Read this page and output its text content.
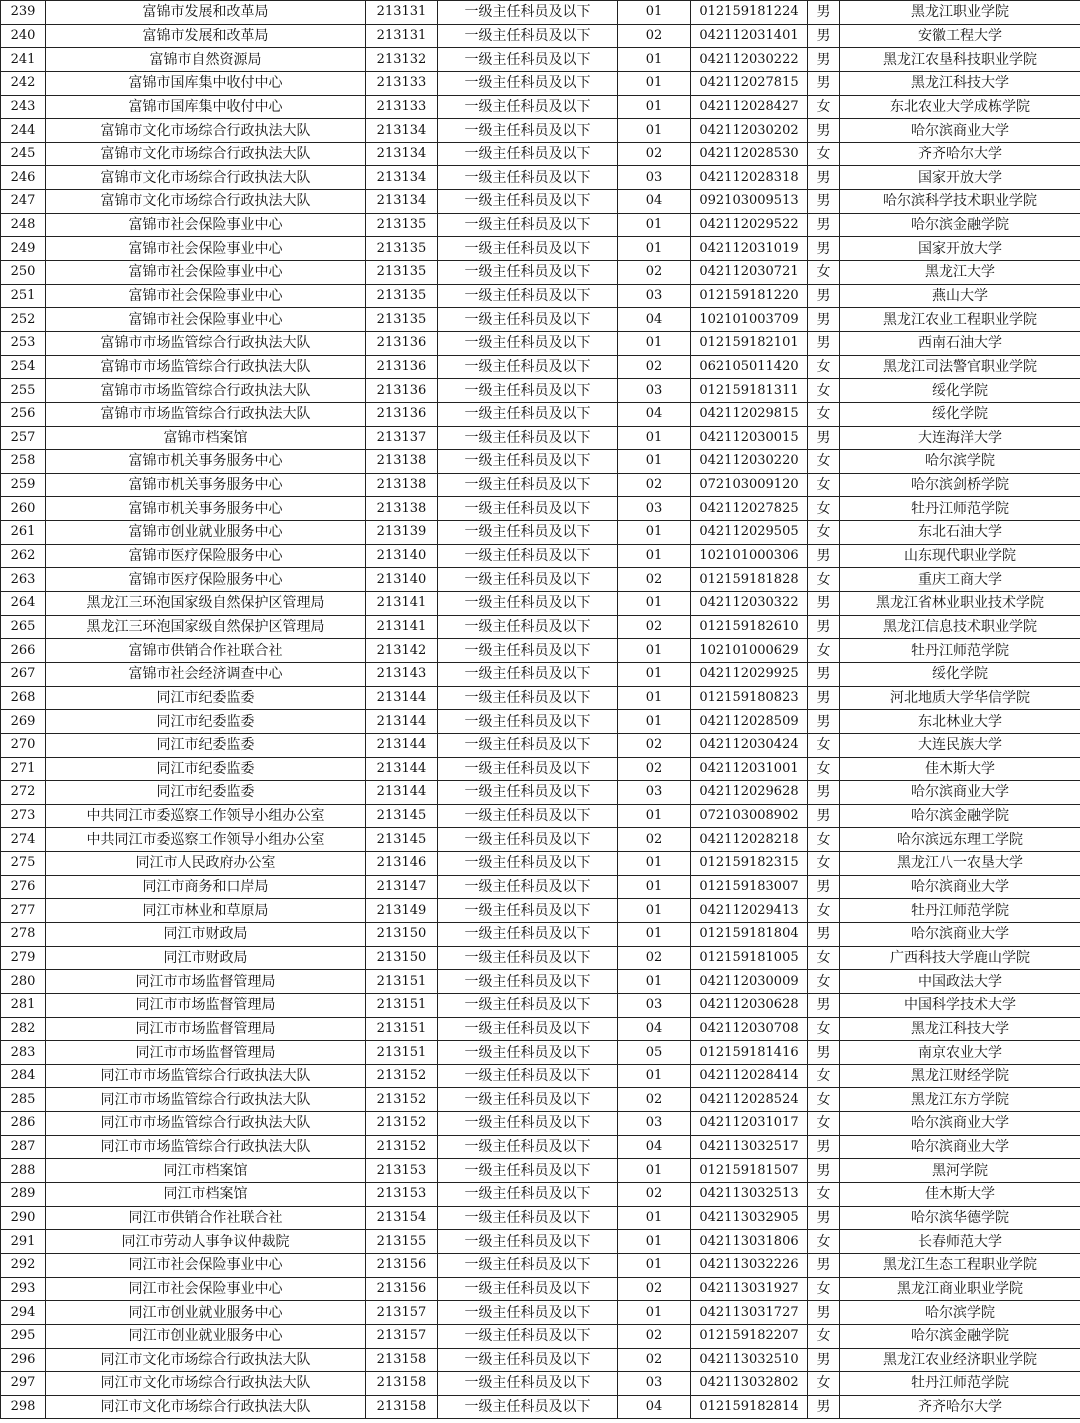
239	富锦市发展和改革局	213131	一级主任科员及以下	01	012159181224	男	黑龙江职业学院
240	富锦市发展和改革局	213131	一级主任科员及以下	02	042112031401	男	安徽工程大学
241	富锦市自然资源局	213132	一级主任科员及以下	01	042112030222	男	黑龙江农垦科技职业学院
242	富锦市国库集中收付中心	213133	一级主任科员及以下	01	042112027815	男	黑龙江科技大学
243	富锦市国库集中收付中心	213133	一级主任科员及以下	01	042112028427	女	东北农业大学成栋学院
244	富锦市文化市场综合行政执法大队	213134	一级主任科员及以下	01	042112030202	男	哈尔滨商业大学
245	富锦市文化市场综合行政执法大队	213134	一级主任科员及以下	02	042112028530	女	齐齐哈尔大学
246	富锦市文化市场综合行政执法大队	213134	一级主任科员及以下	03	042112028318	男	国家开放大学
247	富锦市文化市场综合行政执法大队	213134	一级主任科员及以下	04	092103009513	男	哈尔滨科学技术职业学院
248	富锦市社会保险事业中心	213135	一级主任科员及以下	01	042112029522	男	哈尔滨金融学院
249	富锦市社会保险事业中心	213135	一级主任科员及以下	01	042112031019	男	国家开放大学
250	富锦市社会保险事业中心	213135	一级主任科员及以下	02	042112030721	女	黑龙江大学
251	富锦市社会保险事业中心	213135	一级主任科员及以下	03	012159181220	男	燕山大学
252	富锦市社会保险事业中心	213135	一级主任科员及以下	04	102101003709	男	黑龙江农业工程职业学院
253	富锦市市场监管综合行政执法大队	213136	一级主任科员及以下	01	012159182101	男	西南石油大学
254	富锦市市场监管综合行政执法大队	213136	一级主任科员及以下	02	062105011420	女	黑龙江司法警官职业学院
255	富锦市市场监管综合行政执法大队	213136	一级主任科员及以下	03	012159181311	女	绥化学院
256	富锦市市场监管综合行政执法大队	213136	一级主任科员及以下	04	042112029815	女	绥化学院
257	富锦市档案馆	213137	一级主任科员及以下	01	042112030015	男	大连海洋大学
258	富锦市机关事务服务中心	213138	一级主任科员及以下	01	042112030220	女	哈尔滨学院
259	富锦市机关事务服务中心	213138	一级主任科员及以下	02	072103009120	女	哈尔滨剑桥学院
260	富锦市机关事务服务中心	213138	一级主任科员及以下	03	042112027825	女	牡丹江师范学院
261	富锦市创业就业服务中心	213139	一级主任科员及以下	01	042112029505	女	东北石油大学
262	富锦市医疗保险服务中心	213140	一级主任科员及以下	01	102101000306	男	山东现代职业学院
263	富锦市医疗保险服务中心	213140	一级主任科员及以下	02	012159181828	女	重庆工商大学
264	黑龙江三环泡国家级自然保护区管理局	213141	一级主任科员及以下	01	042112030322	男	黑龙江省林业职业技术学院
265	黑龙江三环泡国家级自然保护区管理局	213141	一级主任科员及以下	02	012159182610	男	黑龙江信息技术职业学院
266	富锦市供销合作社联合社	213142	一级主任科员及以下	01	102101000629	女	牡丹江师范学院
267	富锦市社会经济调查中心	213143	一级主任科员及以下	01	042112029925	男	绥化学院
268	同江市纪委监委	213144	一级主任科员及以下	01	012159180823	男	河北地质大学华信学院
269	同江市纪委监委	213144	一级主任科员及以下	01	042112028509	男	东北林业大学
270	同江市纪委监委	213144	一级主任科员及以下	02	042112030424	女	大连民族大学
271	同江市纪委监委	213144	一级主任科员及以下	02	042112031001	女	佳木斯大学
272	同江市纪委监委	213144	一级主任科员及以下	03	042112029628	男	哈尔滨商业大学
273	中共同江市委巡察工作领导小组办公室	213145	一级主任科员及以下	01	072103008902	男	哈尔滨金融学院
274	中共同江市委巡察工作领导小组办公室	213145	一级主任科员及以下	02	042112028218	女	哈尔滨远东理工学院
275	同江市人民政府办公室	213146	一级主任科员及以下	01	012159182315	女	黑龙江八一农垦大学
276	同江市商务和口岸局	213147	一级主任科员及以下	01	012159183007	男	哈尔滨商业大学
277	同江市林业和草原局	213149	一级主任科员及以下	01	042112029413	女	牡丹江师范学院
278	同江市财政局	213150	一级主任科员及以下	01	012159181804	男	哈尔滨商业大学
279	同江市财政局	213150	一级主任科员及以下	02	012159181005	女	广西科技大学鹿山学院
280	同江市市场监督管理局	213151	一级主任科员及以下	01	042112030009	女	中国政法大学
281	同江市市场监督管理局	213151	一级主任科员及以下	03	042112030628	男	中国科学技术大学
282	同江市市场监督管理局	213151	一级主任科员及以下	04	042112030708	女	黑龙江科技大学
283	同江市市场监督管理局	213151	一级主任科员及以下	05	012159181416	男	南京农业大学
284	同江市市场监管综合行政执法大队	213152	一级主任科员及以下	01	042112028414	女	黑龙江财经学院
285	同江市市场监管综合行政执法大队	213152	一级主任科员及以下	02	042112028524	女	黑龙江东方学院
286	同江市市场监管综合行政执法大队	213152	一级主任科员及以下	03	042112031017	女	哈尔滨商业大学
287	同江市市场监管综合行政执法大队	213152	一级主任科员及以下	04	042113032517	男	哈尔滨商业大学
288	同江市档案馆	213153	一级主任科员及以下	01	012159181507	男	黑河学院
289	同江市档案馆	213153	一级主任科员及以下	02	042113032513	女	佳木斯大学
290	同江市供销合作社联合社	213154	一级主任科员及以下	01	042113032905	男	哈尔滨华德学院
291	同江市劳动人事争议仲裁院	213155	一级主任科员及以下	01	042113031806	女	长春师范大学
292	同江市社会保险事业中心	213156	一级主任科员及以下	01	042113032226	男	黑龙江生态工程职业学院
293	同江市社会保险事业中心	213156	一级主任科员及以下	02	042113031927	女	黑龙江商业职业学院
294	同江市创业就业服务中心	213157	一级主任科员及以下	01	042113031727	男	哈尔滨学院
295	同江市创业就业服务中心	213157	一级主任科员及以下	02	012159182207	女	哈尔滨金融学院
296	同江市文化市场综合行政执法大队	213158	一级主任科员及以下	02	042113032510	男	黑龙江农业经济职业学院
297	同江市文化市场综合行政执法大队	213158	一级主任科员及以下	03	042113032802	女	牡丹江师范学院
298	同江市文化市场综合行政执法大队	213158	一级主任科员及以下	04	012159182814	男	齐齐哈尔大学
